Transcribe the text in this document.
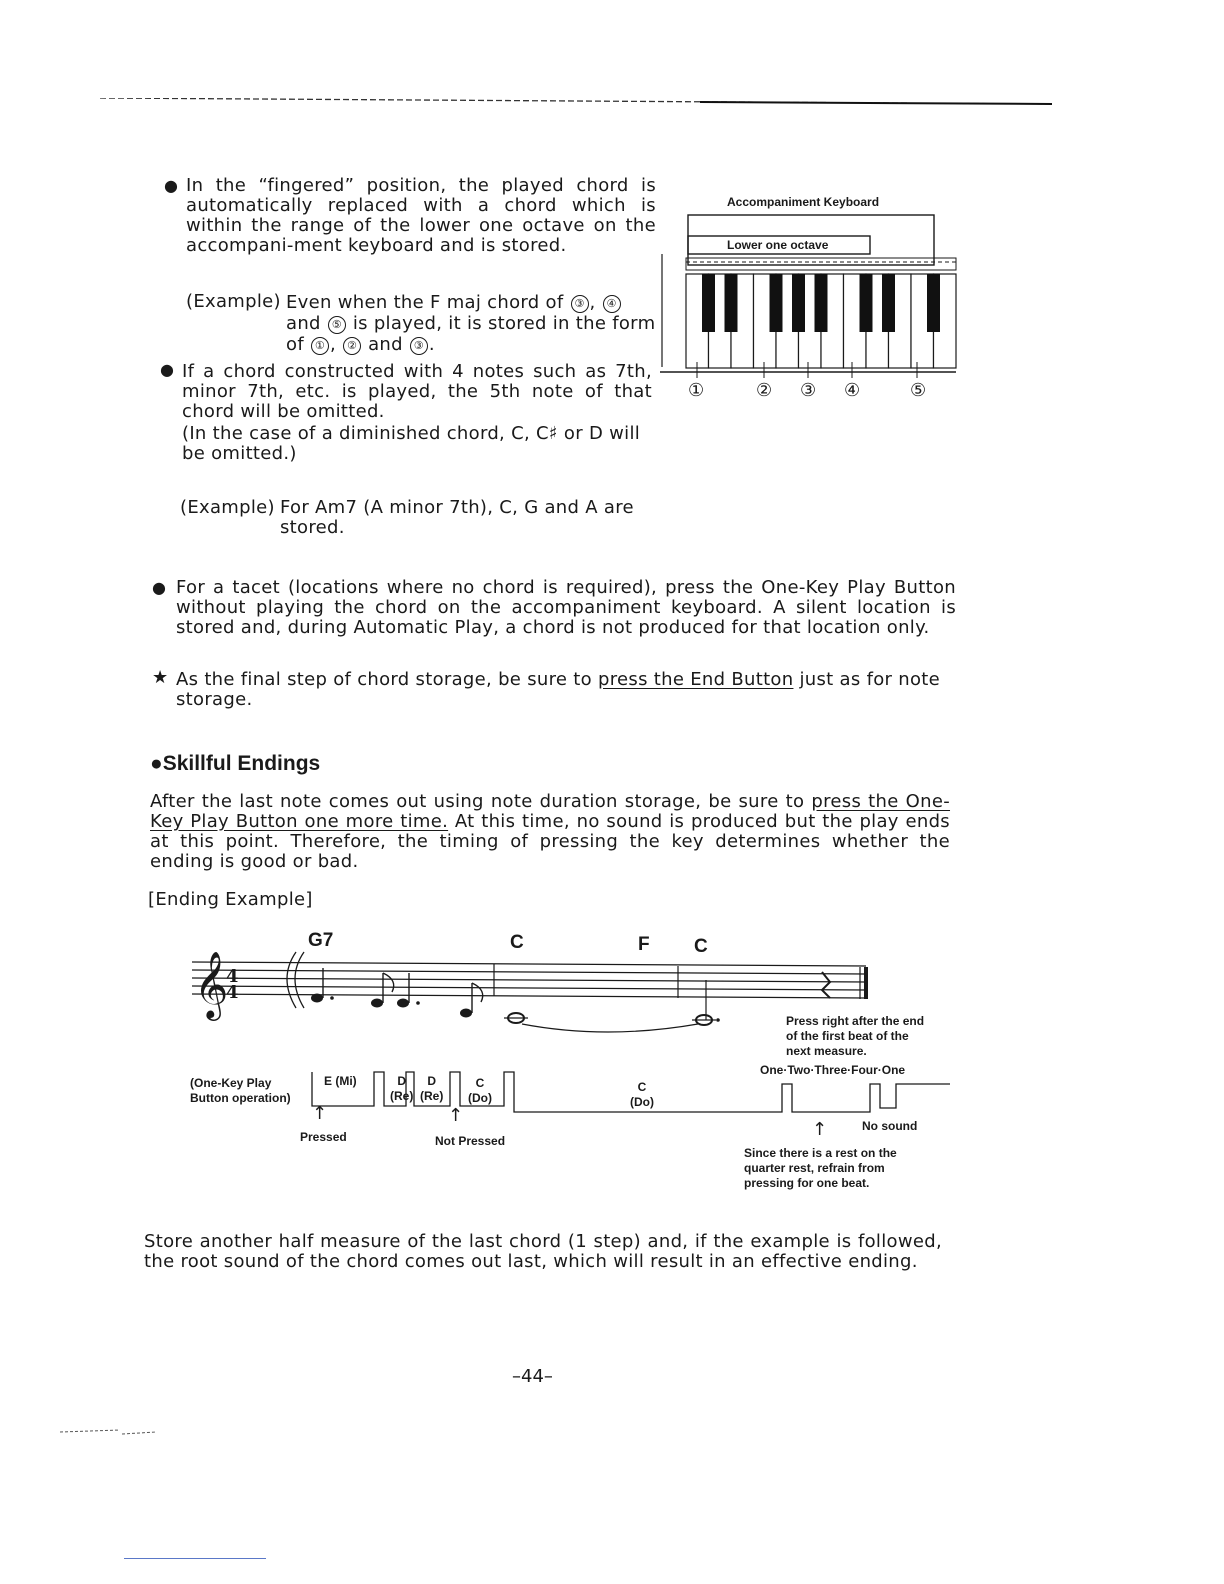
● In the “fingered” position, the played chord is automatically replaced with a chord which is within the range of the lower one octave on the accompani-ment keyboard and is stored.
(Example) Even when the F maj chord of ③ , ④ and ⑤ is played, it is stored in the form of ① , ② and ③ .
● If a chord constructed with 4 notes such as 7th, minor 7th, etc. is played, the 5th note of that chord will be omitted.
(In the case of a diminished chord, C, C♯ or D will be omitted.)
(Example) For Am7 (A minor 7th), C, G and A are stored.
Accompaniment Keyboard
Lower one octave
①	② ③ ④	⑤
● For a tacet (locations where no chord is required), press the One-Key Play Button without playing the chord on the accompaniment keyboard. A silent location is stored and, during Automatic Play, a chord is not produced for that location only.
★ As the final step of chord storage, be sure to press the End Button just as for note storage.
●Skillful Endings
After the last note comes out using note duration storage, be sure to press the One-Key Play Button one more time. At this time, no sound is produced but the play ends at this point. Therefore, the timing of pressing the key determines whether the ending is good or bad.
[Ending Example]
G7	C	F C
𝄞
4
4
(One-Key Play
Button operation)
E (Mi)	D
(Re)
D
(Re)
C
(Do)
C
(Do)
↑
Pressed
↑
Not Pressed
↑
Press right after the end
of the first beat of the
next measure.
One·Two·Three·Four·One
No sound
Since there is a rest on the
quarter rest, refrain from
pressing for one beat.
Store another half measure of the last chord (1 step) and, if the example is followed, the root sound of the chord comes out last, which will result in an effective ending.
–44–
